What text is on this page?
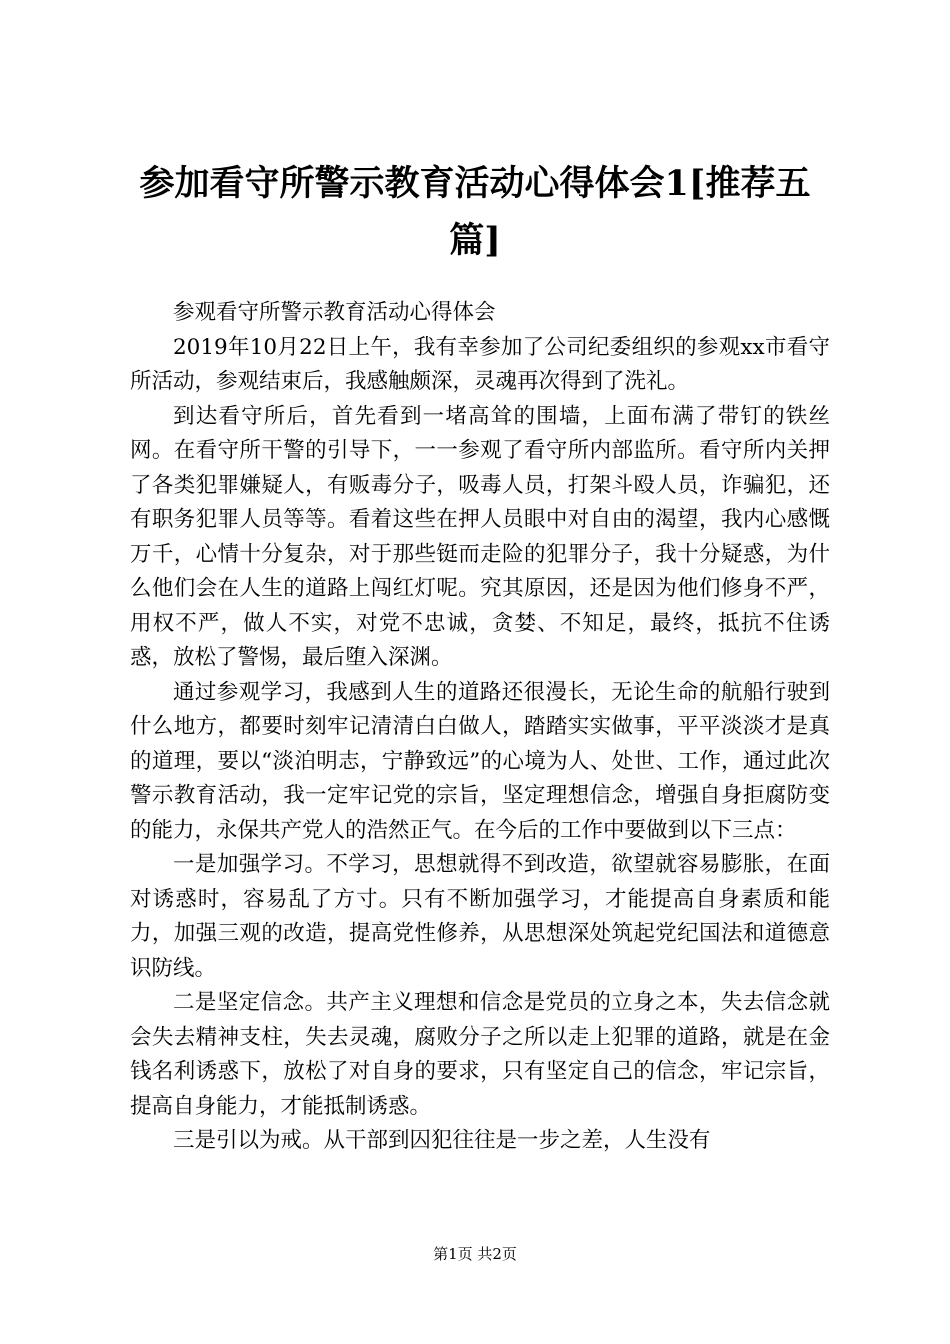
参加看守所警示教育活动心得体会1[推荐五篇]

参观看守所警示教育活动心得体会

2019年10月22日上午，我有幸参加了公司纪委组织的参观xx市看守所活动，参观结束后，我感触颇深，灵魂再次得到了洗礼。

到达看守所后，首先看到一堵高耸的围墙，上面布满了带钉的铁丝网。在看守所干警的引导下，一一参观了看守所内部监所。看守所内关押了各类犯罪嫌疑人，有贩毒分子，吸毒人员，打架斗殴人员，诈骗犯，还有职务犯罪人员等等。看着这些在押人员眼中对自由的渴望，我内心感慨万千，心情十分复杂，对于那些铤而走险的犯罪分子，我十分疑惑，为什么他们会在人生的道路上闯红灯呢。究其原因，还是因为他们修身不严，用权不严，做人不实，对党不忠诚，贪婪、不知足，最终，抵抗不住诱惑，放松了警惕，最后堕入深渊。

通过参观学习，我感到人生的道路还很漫长，无论生命的航船行驶到什么地方，都要时刻牢记清清白白做人，踏踏实实做事，平平淡淡才是真的道理，要以“淡泊明志，宁静致远”的心境为人、处世、工作，通过此次警示教育活动，我一定牢记党的宗旨，坚定理想信念，增强自身拒腐防变的能力，永保共产党人的浩然正气。在今后的工作中要做到以下三点：

一是加强学习。不学习，思想就得不到改造，欲望就容易膨胀，在面对诱惑时，容易乱了方寸。只有不断加强学习，才能提高自身素质和能力，加强三观的改造，提高党性修养，从思想深处筑起党纪国法和道德意识防线。

二是坚定信念。共产主义理想和信念是党员的立身之本，失去信念就会失去精神支柱，失去灵魂，腐败分子之所以走上犯罪的道路，就是在金钱名利诱惑下，放松了对自身的要求，只有坚定自己的信念，牢记宗旨，提高自身能力，才能抵制诱惑。

三是引以为戒。从干部到囚犯往往是一步之差，人生没有

第1页 共2页
